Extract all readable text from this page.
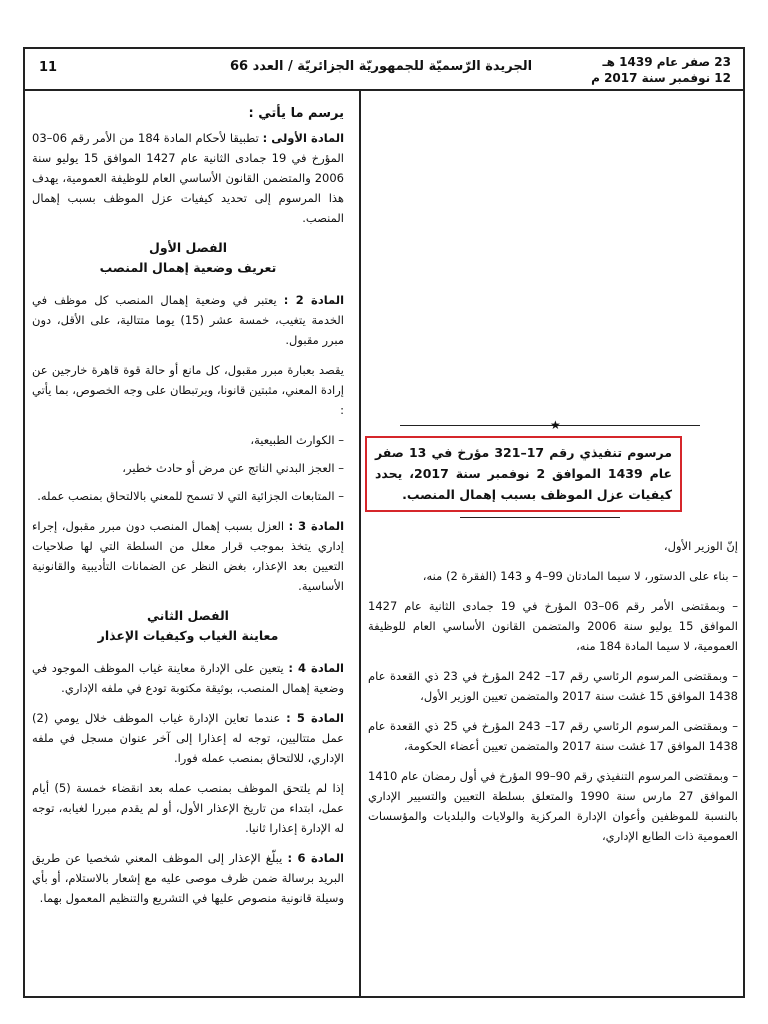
23 صفر عام 1439 هـ
12 نوفمبر سنة 2017 م
الجريدة الرّسميّة للجمهوريّة الجزائريّة / العدد 66
11

يرسم ما يأتي :

المادة الأولى : تطبيقا لأحكام المادة 184 من الأمر رقم 06–03 المؤرخ في 19 جمادى الثانية عام 1427 الموافق 15 يوليو سنة 2006 والمتضمن القانون الأساسي العام للوظيفة العمومية، يهدف هذا المرسوم إلى تحديد كيفيات عزل الموظف بسبب إهمال المنصب.

الفصل الأول

تعريف وضعية إهمال المنصب

المادة 2 : يعتبر في وضعية إهمال المنصب كل موظف في الخدمة يتغيب، خمسة عشر (15) يوما متتالية، على الأقل، دون مبرر مقبول.

يقصد بعبارة مبرر مقبول، كل مانع أو حالة قوة قاهرة خارجين عن إرادة المعني، مثبتين قانونا، ويرتبطان على وجه الخصوص، بما يأتي :

– الكوارث الطبيعية،

– العجز البدني الناتج عن مرض أو حادث خطير،

– المتابعات الجزائية التي لا تسمح للمعني بالالتحاق بمنصب عمله.

المادة 3 : العزل بسبب إهمال المنصب دون مبرر مقبول، إجراء إداري يتخذ بموجب قرار معلل من السلطة التي لها صلاحيات التعيين بعد الإعذار، بغض النظر عن الضمانات التأديبية والقانونية الأساسية.

الفصل الثاني

معاينة الغياب وكيفيات الإعذار

المادة 4 : يتعين على الإدارة معاينة غياب الموظف الموجود في وضعية إهمال المنصب، بوثيقة مكتوبة تودع في ملفه الإداري.

المادة 5 : عندما تعاين الإدارة غياب الموظف خلال يومي (2) عمل متتاليين، توجه له إعذارا إلى آخر عنوان مسجل في ملفه الإداري، للالتحاق بمنصب عمله فورا.

إذا لم يلتحق الموظف بمنصب عمله بعد انقضاء خمسة (5) أيام عمل، ابتداء من تاريخ الإعذار الأول، أو لم يقدم مبررا لغيابه، توجه له الإدارة إعذارا ثانيا.

المادة 6 : يبلّغ الإعذار إلى الموظف المعني شخصيا عن طريق البريد برسالة ضمن ظرف موصى عليه مع إشعار بالاستلام، أو بأي وسيلة قانونية منصوص عليها في التشريع والتنظيم المعمول بهما.

★
مرسوم تنفيذي رقم 17–321 مؤرخ في 13 صفر عام 1439 الموافق 2 نوفمبر سنة 2017، يحدد كيفيات عزل الموظف بسبب إهمال المنصب.

إنّ الوزير الأول،

– بناء على الدستور، لا سيما المادتان 99–4 و 143 (الفقرة 2) منه،

– وبمقتضى الأمر رقم 06–03 المؤرخ في 19 جمادى الثانية عام 1427 الموافق 15 يوليو سنة 2006 والمتضمن القانون الأساسي العام للوظيفة العمومية، لا سيما المادة 184 منه،

– وبمقتضى المرسوم الرئاسي رقم 17– 242 المؤرخ في 23 ذي القعدة عام 1438 الموافق 15 غشت سنة 2017 والمتضمن تعيين الوزير الأول،

– وبمقتضى المرسوم الرئاسي رقم 17– 243 المؤرخ في 25 ذي القعدة عام 1438 الموافق 17 غشت سنة 2017 والمتضمن تعيين أعضاء الحكومة،

– وبمقتضى المرسوم التنفيذي رقم 90–99 المؤرخ في أول رمضان عام 1410 الموافق 27 مارس سنة 1990 والمتعلق بسلطة التعيين والتسيير الإداري بالنسبة للموظفين وأعوان الإدارة المركزية والولايات والبلديات والمؤسسات العمومية ذات الطابع الإداري،
